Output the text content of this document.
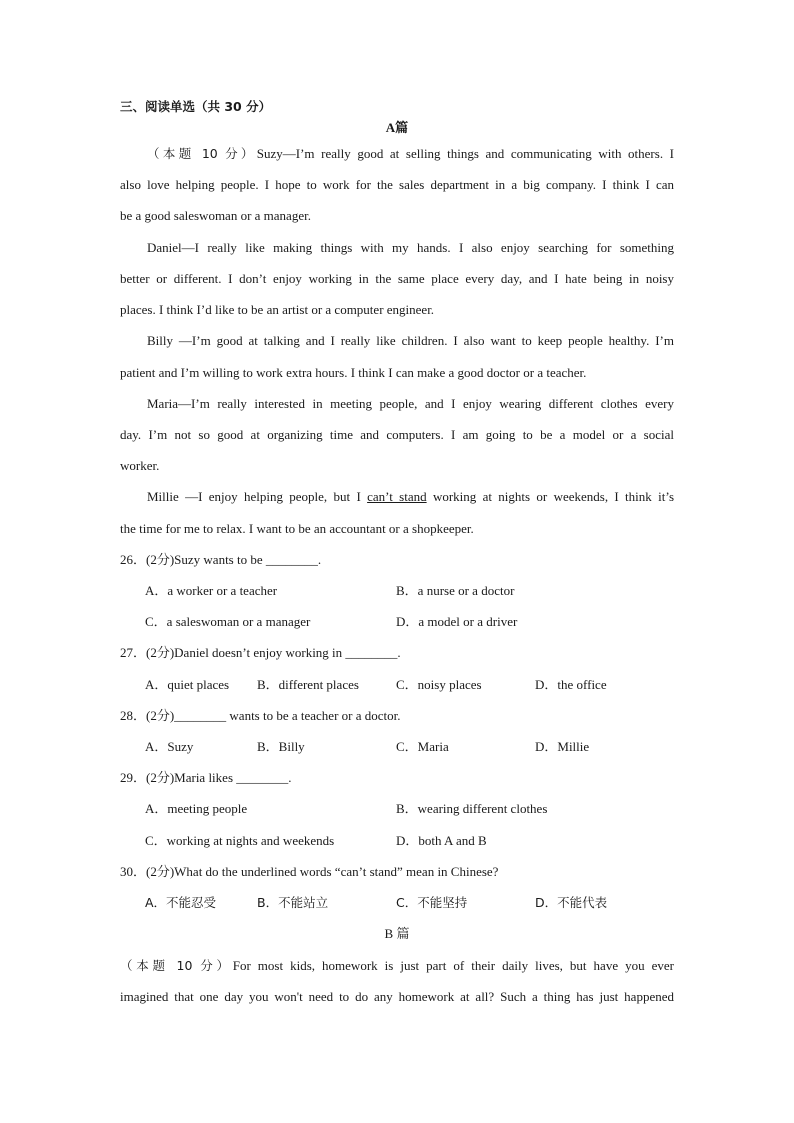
三、阅读单选（共 30 分）
A篇
（本题 10 分）Suzy—I’m really good at selling things and communicating with others. I
also love helping people. I hope to work for the sales department in a big company. I think I can
be a good saleswoman or a manager.
Daniel—I really like making things with my hands. I also enjoy searching for something
better or different. I don’t enjoy working in the same place every day, and I hate being in noisy
places. I think I’d like to be an artist or a computer engineer.
Billy —I’m good at talking and I really like children. I also want to keep people healthy. I’m
patient and I’m willing to work extra hours. I think I can make a good doctor or a teacher.
Maria—I’m really interested in meeting people, and I enjoy wearing different clothes every
day. I’m not so good at organizing time and computers. I am going to be a model or a social
worker.
Millie —I enjoy helping people, but I can’t stand working at nights or weekends, I think it’s
the time for me to relax. I want to be an accountant or a shopkeeper.
26．(2分)Suzy wants to be ________.
A．a worker or a teacher	B．a nurse or a doctor
C．a saleswoman or a manager	D．a model or a driver
27．(2分)Daniel doesn’t enjoy working in ________.
A．quiet places B．different places	C．noisy places	D．the office
28．(2分)________ wants to be a teacher or a doctor.
A．Suzy	B．Billy	C．Maria	D．Millie
29．(2分)Maria likes ________.
A．meeting people	B．wearing different clothes
C．working at nights and weekends	D．both A and B
30．(2分)What do the underlined words “can’t stand” mean in Chinese?
A．不能忍受	B．不能站立	C．不能坚持	D．不能代表
B 篇
（本题 10 分）For most kids, homework is just part of their daily lives, but have you ever
imagined that one day you won't need to do any homework at all? Such a thing has just happened
